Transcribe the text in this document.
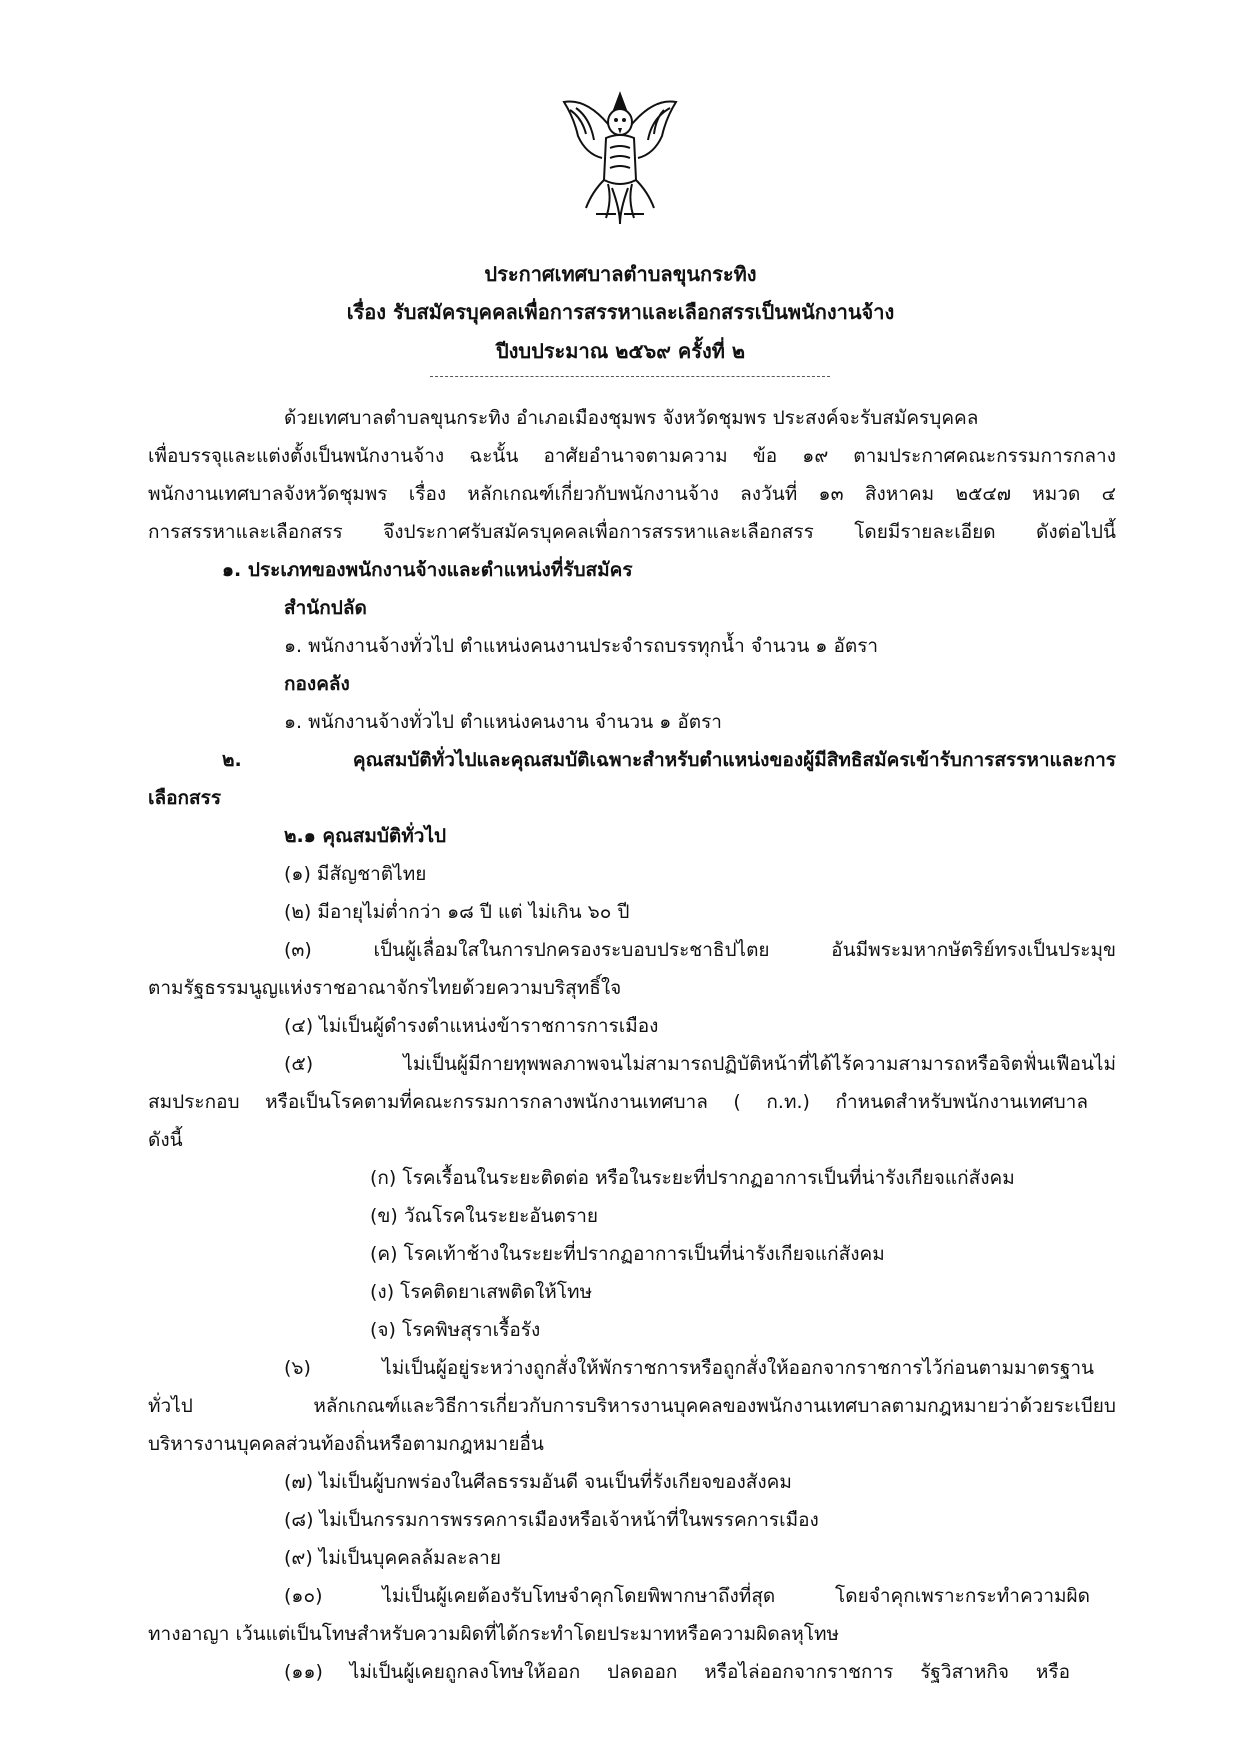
ประกาศเทศบาลตำบลขุนกระทิง
เรื่อง รับสมัครบุคคลเพื่อการสรรหาและเลือกสรรเป็นพนักงานจ้าง
ปีงบประมาณ ๒๕๖๙ ครั้งที่ ๒
ด้วยเทศบาลตำบลขุนกระทิง อำเภอเมืองชุมพร จังหวัดชุมพร ประสงค์จะรับสมัครบุคคล
เพื่อบรรจุและแต่งตั้งเป็นพนักงานจ้าง ฉะนั้น อาศัยอำนาจตามความ ข้อ ๑๙ ตามประกาศคณะกรรมการกลาง
พนักงานเทศบาลจังหวัดชุมพร เรื่อง หลักเกณฑ์เกี่ยวกับพนักงานจ้าง ลงวันที่ ๑๓ สิงหาคม ๒๕๔๗ หมวด ๔
การสรรหาและเลือกสรร จึงประกาศรับสมัครบุคคลเพื่อการสรรหาและเลือกสรร โดยมีรายละเอียด ดังต่อไปนี้
๑. ประเภทของพนักงานจ้างและตำแหน่งที่รับสมัคร
สำนักปลัด
๑. พนักงานจ้างทั่วไป ตำแหน่งคนงานประจำรถบรรทุกน้ำ จำนวน ๑ อัตรา
กองคลัง
๑. พนักงานจ้างทั่วไป ตำแหน่งคนงาน จำนวน ๑ อัตรา
๒. คุณสมบัติทั่วไปและคุณสมบัติเฉพาะสำหรับตำแหน่งของผู้มีสิทธิสมัครเข้ารับการสรรหาและการ
เลือกสรร
๒.๑ คุณสมบัติทั่วไป
(๑) มีสัญชาติไทย
(๒) มีอายุไม่ต่ำกว่า ๑๘ ปี แต่ ไม่เกิน ๖๐ ปี
(๓) เป็นผู้เลื่อมใสในการปกครองระบอบประชาธิปไตย อันมีพระมหากษัตริย์ทรงเป็นประมุข
ตามรัฐธรรมนูญแห่งราชอาณาจักรไทยด้วยความบริสุทธิ์ใจ
(๔) ไม่เป็นผู้ดำรงตำแหน่งข้าราชการการเมือง
(๕) ไม่เป็นผู้มีกายทุพพลภาพจนไม่สามารถปฏิบัติหน้าที่ได้ไร้ความสามารถหรือจิตฟั่นเฟือนไม่
สมประกอบ หรือเป็นโรคตามที่คณะกรรมการกลางพนักงานเทศบาล ( ก.ท.) กำหนดสำหรับพนักงานเทศบาล
ดังนี้
(ก) โรคเรื้อนในระยะติดต่อ หรือในระยะที่ปรากฏอาการเป็นที่น่ารังเกียจแก่สังคม
(ข) วัณโรคในระยะอันตราย
(ค) โรคเท้าช้างในระยะที่ปรากฏอาการเป็นที่น่ารังเกียจแก่สังคม
(ง) โรคติดยาเสพติดให้โทษ
(จ) โรคพิษสุราเรื้อรัง
(๖) ไม่เป็นผู้อยู่ระหว่างถูกสั่งให้พักราชการหรือถูกสั่งให้ออกจากราชการไว้ก่อนตามมาตรฐาน
ทั่วไป หลักเกณฑ์และวิธีการเกี่ยวกับการบริหารงานบุคคลของพนักงานเทศบาลตามกฎหมายว่าด้วยระเบียบ
บริหารงานบุคคลส่วนท้องถิ่นหรือตามกฎหมายอื่น
(๗) ไม่เป็นผู้บกพร่องในศีลธรรมอันดี จนเป็นที่รังเกียจของสังคม
(๘) ไม่เป็นกรรมการพรรคการเมืองหรือเจ้าหน้าที่ในพรรคการเมือง
(๙) ไม่เป็นบุคคลล้มละลาย
(๑๐) ไม่เป็นผู้เคยต้องรับโทษจำคุกโดยพิพากษาถึงที่สุด โดยจำคุกเพราะกระทำความผิด
ทางอาญา เว้นแต่เป็นโทษสำหรับความผิดที่ได้กระทำโดยประมาทหรือความผิดลหุโทษ
(๑๑) ไม่เป็นผู้เคยถูกลงโทษให้ออก ปลดออก หรือไล่ออกจากราชการ รัฐวิสาหกิจ หรือ
